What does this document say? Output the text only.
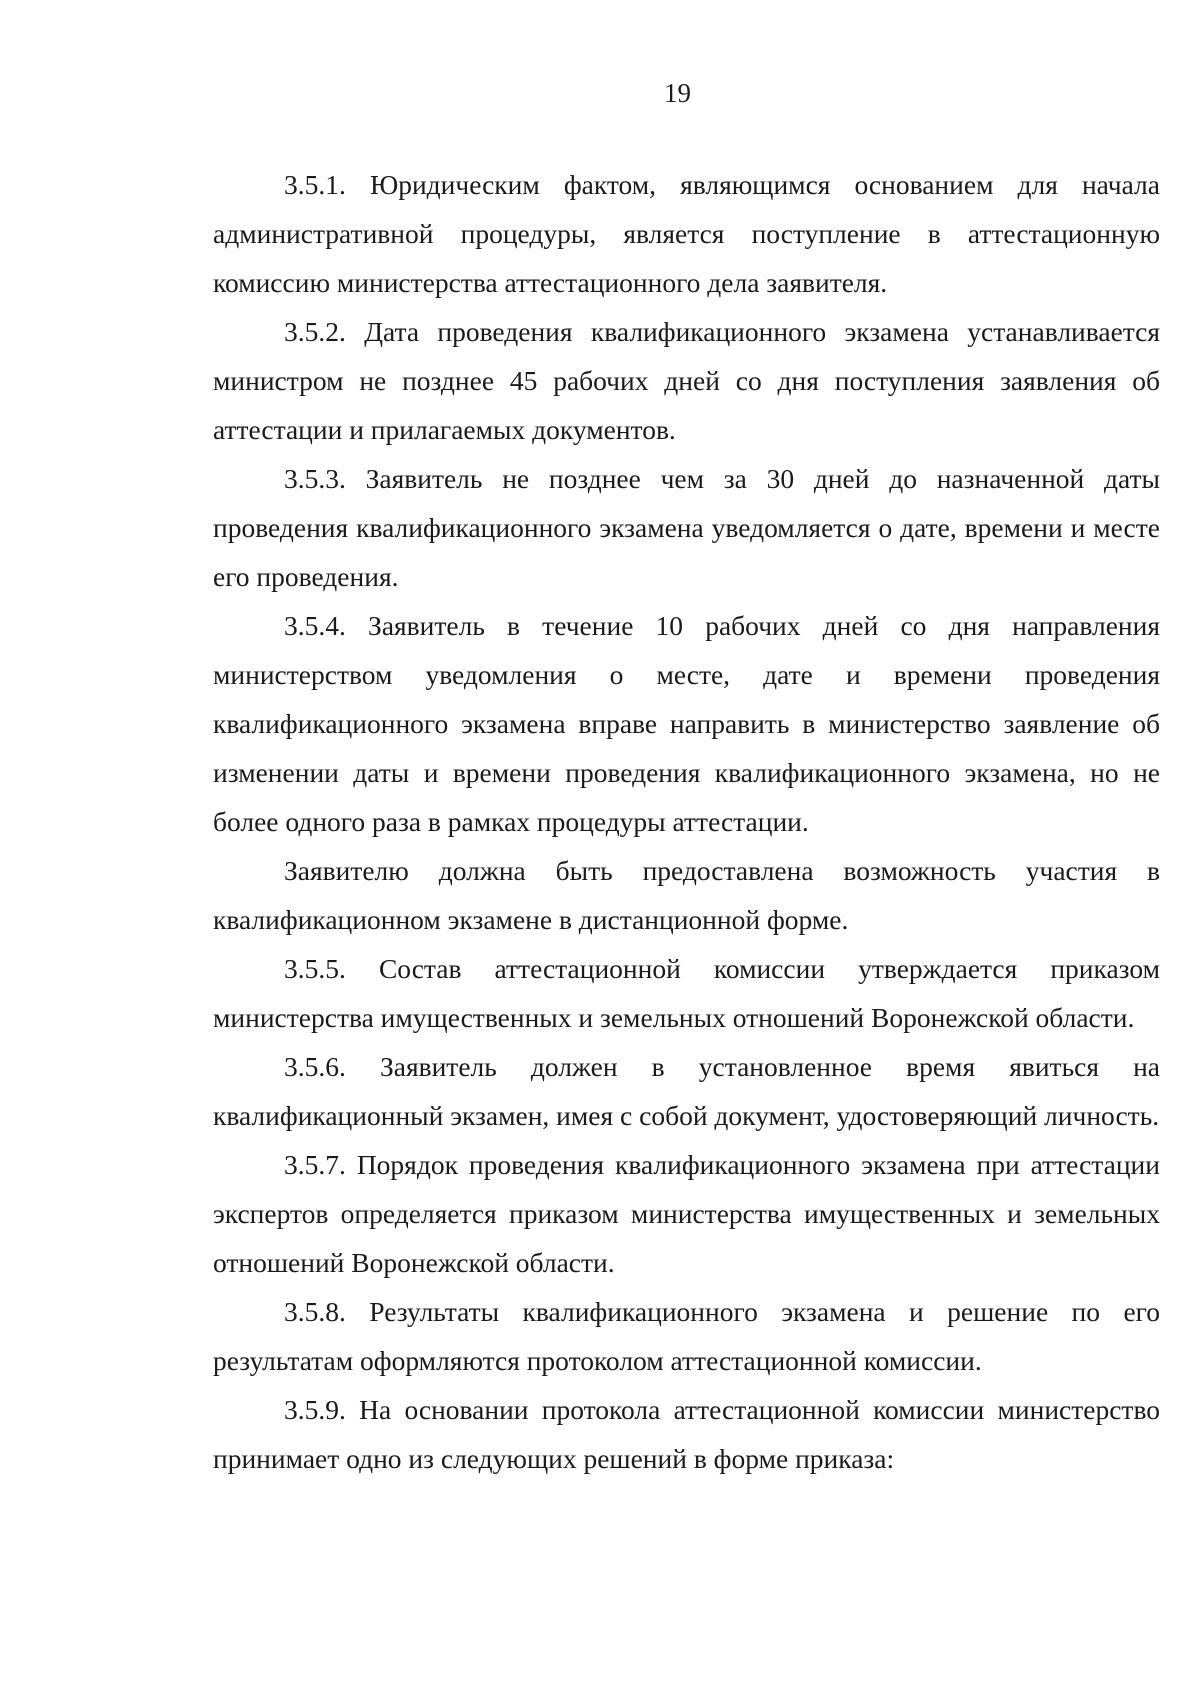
19

3.5.1. Юридическим фактом, являющимся основанием для начала административной процедуры, является поступление в аттестационную комиссию министерства аттестационного дела заявителя.

3.5.2. Дата проведения квалификационного экзамена устанавливается министром не позднее 45 рабочих дней со дня поступления заявления об аттестации и прилагаемых документов.

3.5.3. Заявитель не позднее чем за 30 дней до назначенной даты проведения квалификационного экзамена уведомляется о дате, времени и месте его проведения.

3.5.4. Заявитель в течение 10 рабочих дней со дня направления министерством уведомления о месте, дате и времени проведения квалификационного экзамена вправе направить в министерство заявление об изменении даты и времени проведения квалификационного экзамена, но не более одного раза в рамках процедуры аттестации.

Заявителю должна быть предоставлена возможность участия в квалификационном экзамене в дистанционной форме.

3.5.5. Состав аттестационной комиссии утверждается приказом министерства имущественных и земельных отношений Воронежской области.

3.5.6. Заявитель должен в установленное время явиться на квалификационный экзамен, имея с собой документ, удостоверяющий личность.

3.5.7. Порядок проведения квалификационного экзамена при аттестации экспертов определяется приказом министерства имущественных и земельных отношений Воронежской области.

3.5.8. Результаты квалификационного экзамена и решение по его результатам оформляются протоколом аттестационной комиссии.

3.5.9. На основании протокола аттестационной комиссии министерство принимает одно из следующих решений в форме приказа:
